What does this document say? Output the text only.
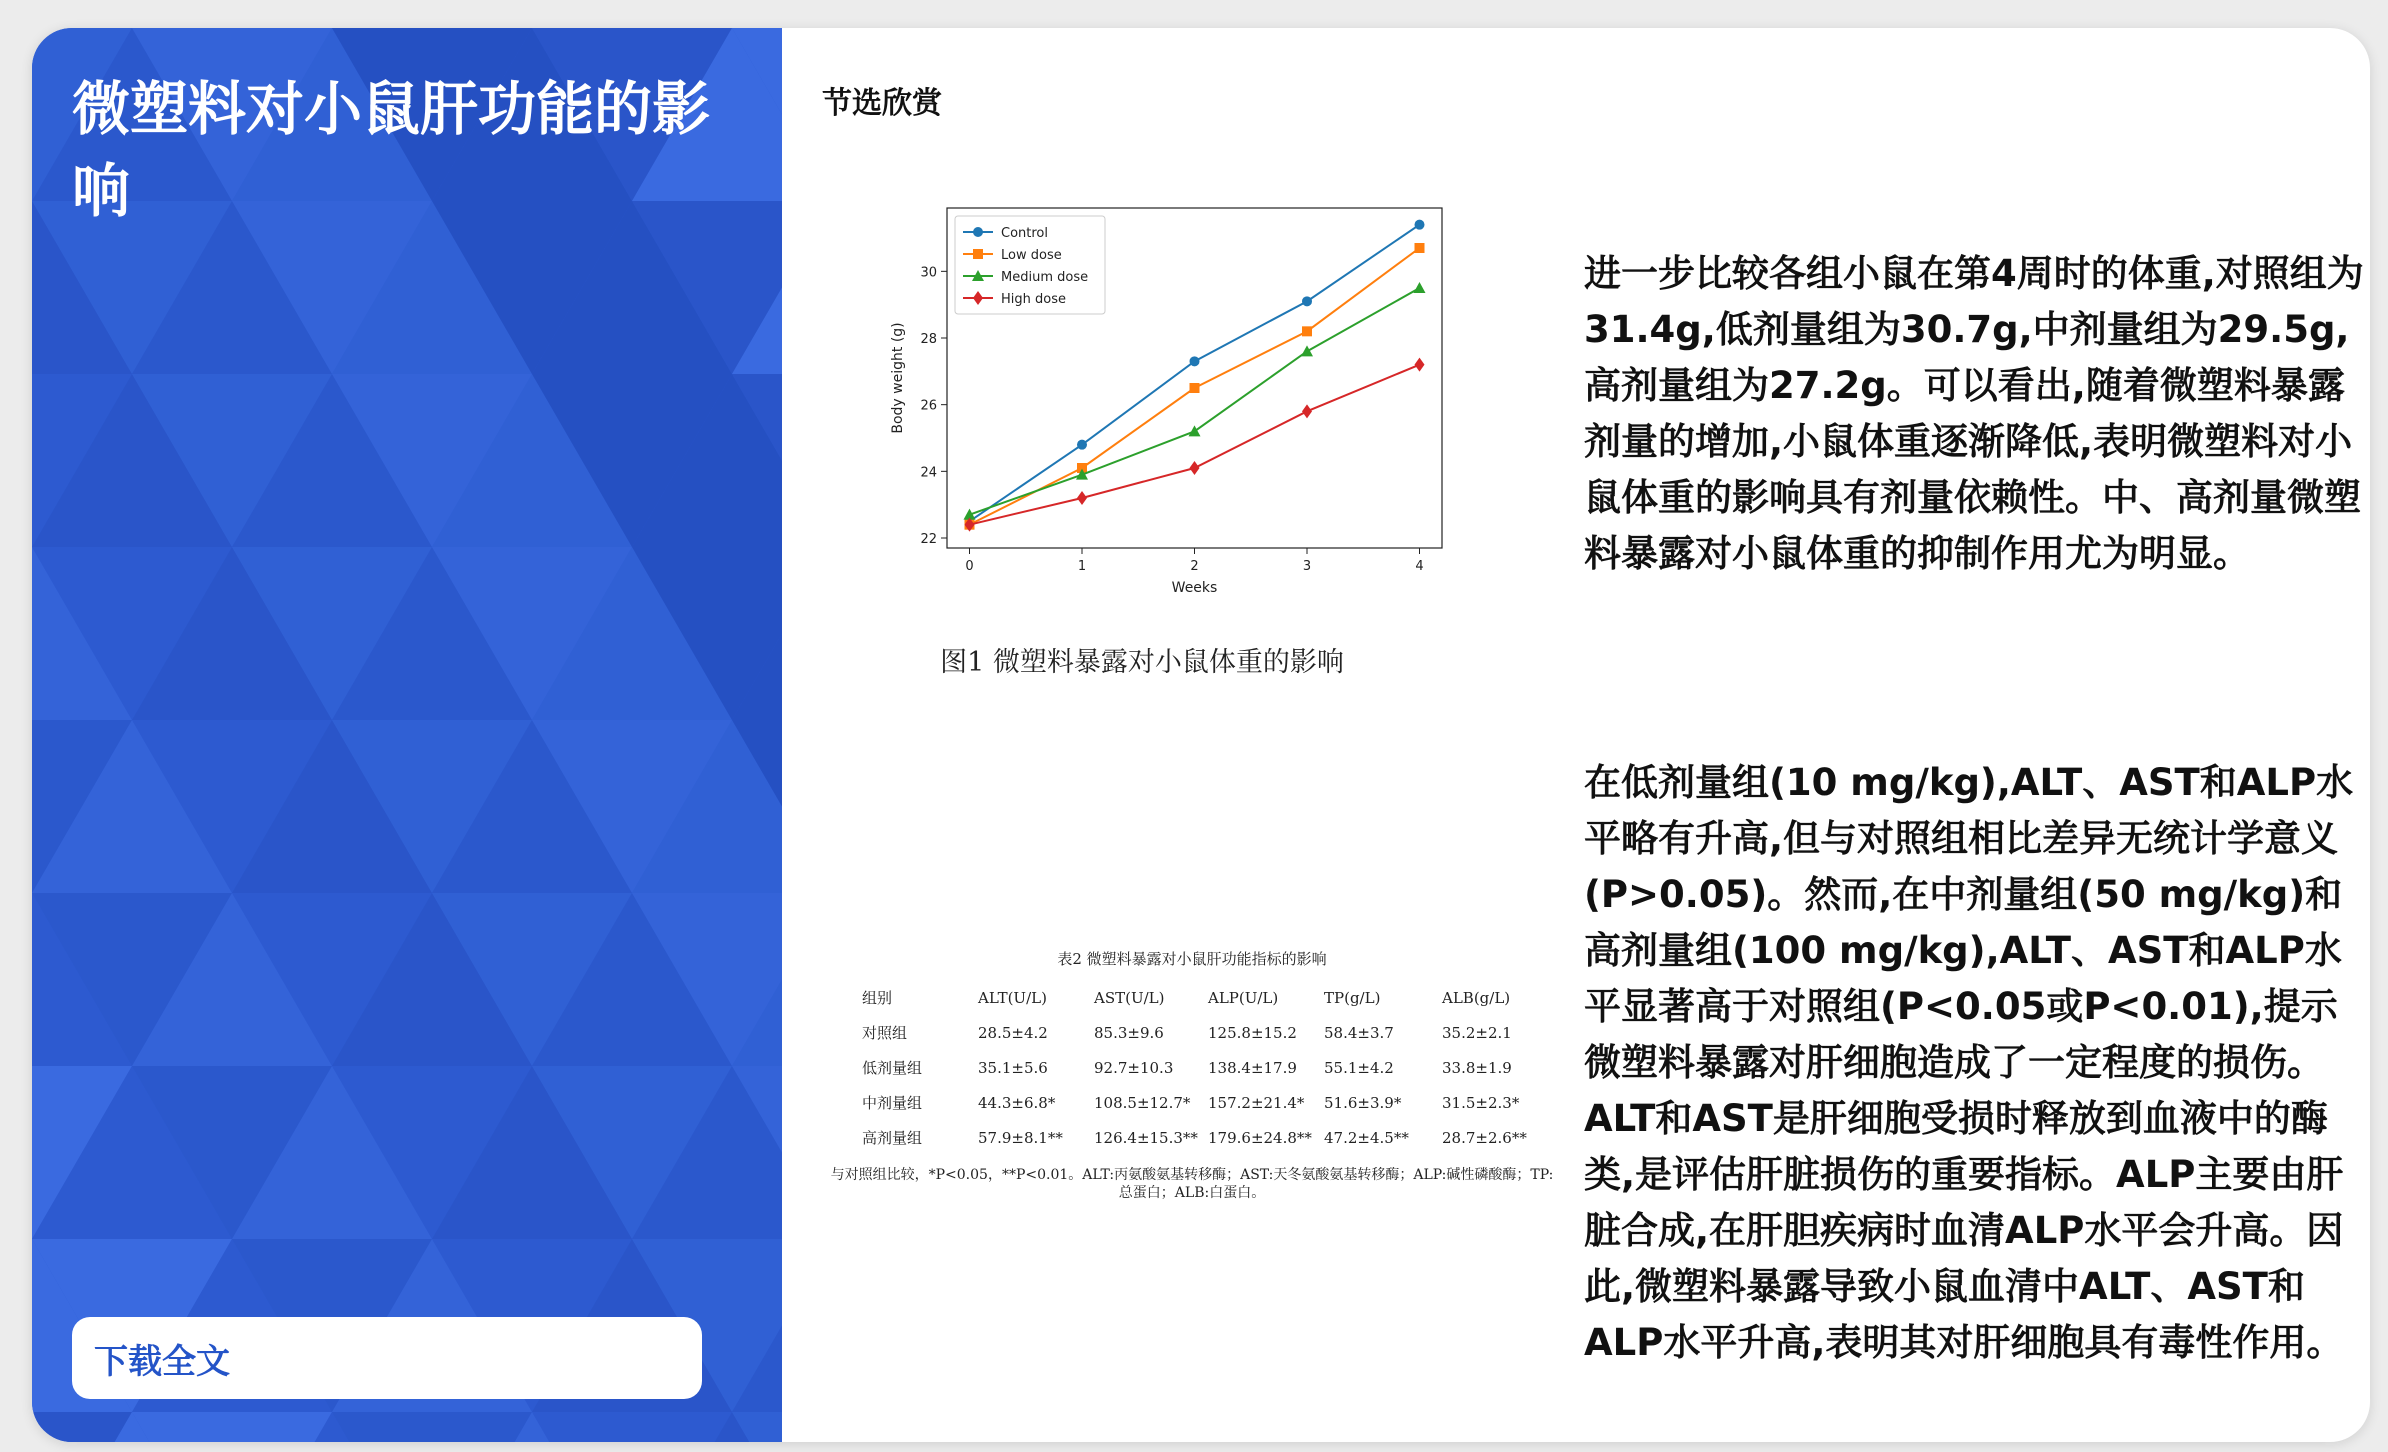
微塑料对小鼠肝功能的影响
下载全文
节选欣赏
0	1	2	3	4
22
24
26
28
30
Weeks
Body weight (g)
Control
Low dose
Medium dose
High dose
图1 微塑料暴露对小鼠体重的影响
表2 微塑料暴露对小鼠肝功能指标的影响
组别	ALT(U/L)	AST(U/L)	ALP(U/L)	TP(g/L)	ALB(g/L)
对照组	28.5±4.2	85.3±9.6	125.8±15.2	58.4±3.7	35.2±2.1
低剂量组	35.1±5.6	92.7±10.3	138.4±17.9	55.1±4.2	33.8±1.9
中剂量组	44.3±6.8*	108.5±12.7*	157.2±21.4*	51.6±3.9*	31.5±2.3*
高剂量组	57.9±8.1**	126.4±15.3**	179.6±24.8**	47.2±4.5**	28.7±2.6**
与对照组比较，*P<0.05，**P<0.01。ALT:丙氨酸氨基转移酶；AST:天冬氨酸氨基转移酶；ALP:碱性磷酸酶；TP:总蛋白；ALB:白蛋白。

进一步比较各组小鼠在第4周时的体重,对照组为31.4g,低剂量组为30.7g,中剂量组为29.5g,高剂量组为27.2g。可以看出,随着微塑料暴露剂量的增加,小鼠体重逐渐降低,表明微塑料对小鼠体重的影响具有剂量依赖性。中、高剂量微塑料暴露对小鼠体重的抑制作用尤为明显。

在低剂量组(10 mg/kg),ALT、AST和ALP水平略有升高,但与对照组相比差异无统计学意义(P>0.05)。然而,在中剂量组(50 mg/kg)和高剂量组(100 mg/kg),ALT、AST和ALP水平显著高于对照组(P<0.05或P<0.01),提示微塑料暴露对肝细胞造成了一定程度的损伤。ALT和AST是肝细胞受损时释放到血液中的酶类,是评估肝脏损伤的重要指标。ALP主要由肝脏合成,在肝胆疾病时血清ALP水平会升高。因此,微塑料暴露导致小鼠血清中ALT、AST和ALP水平升高,表明其对肝细胞具有毒性作用。
